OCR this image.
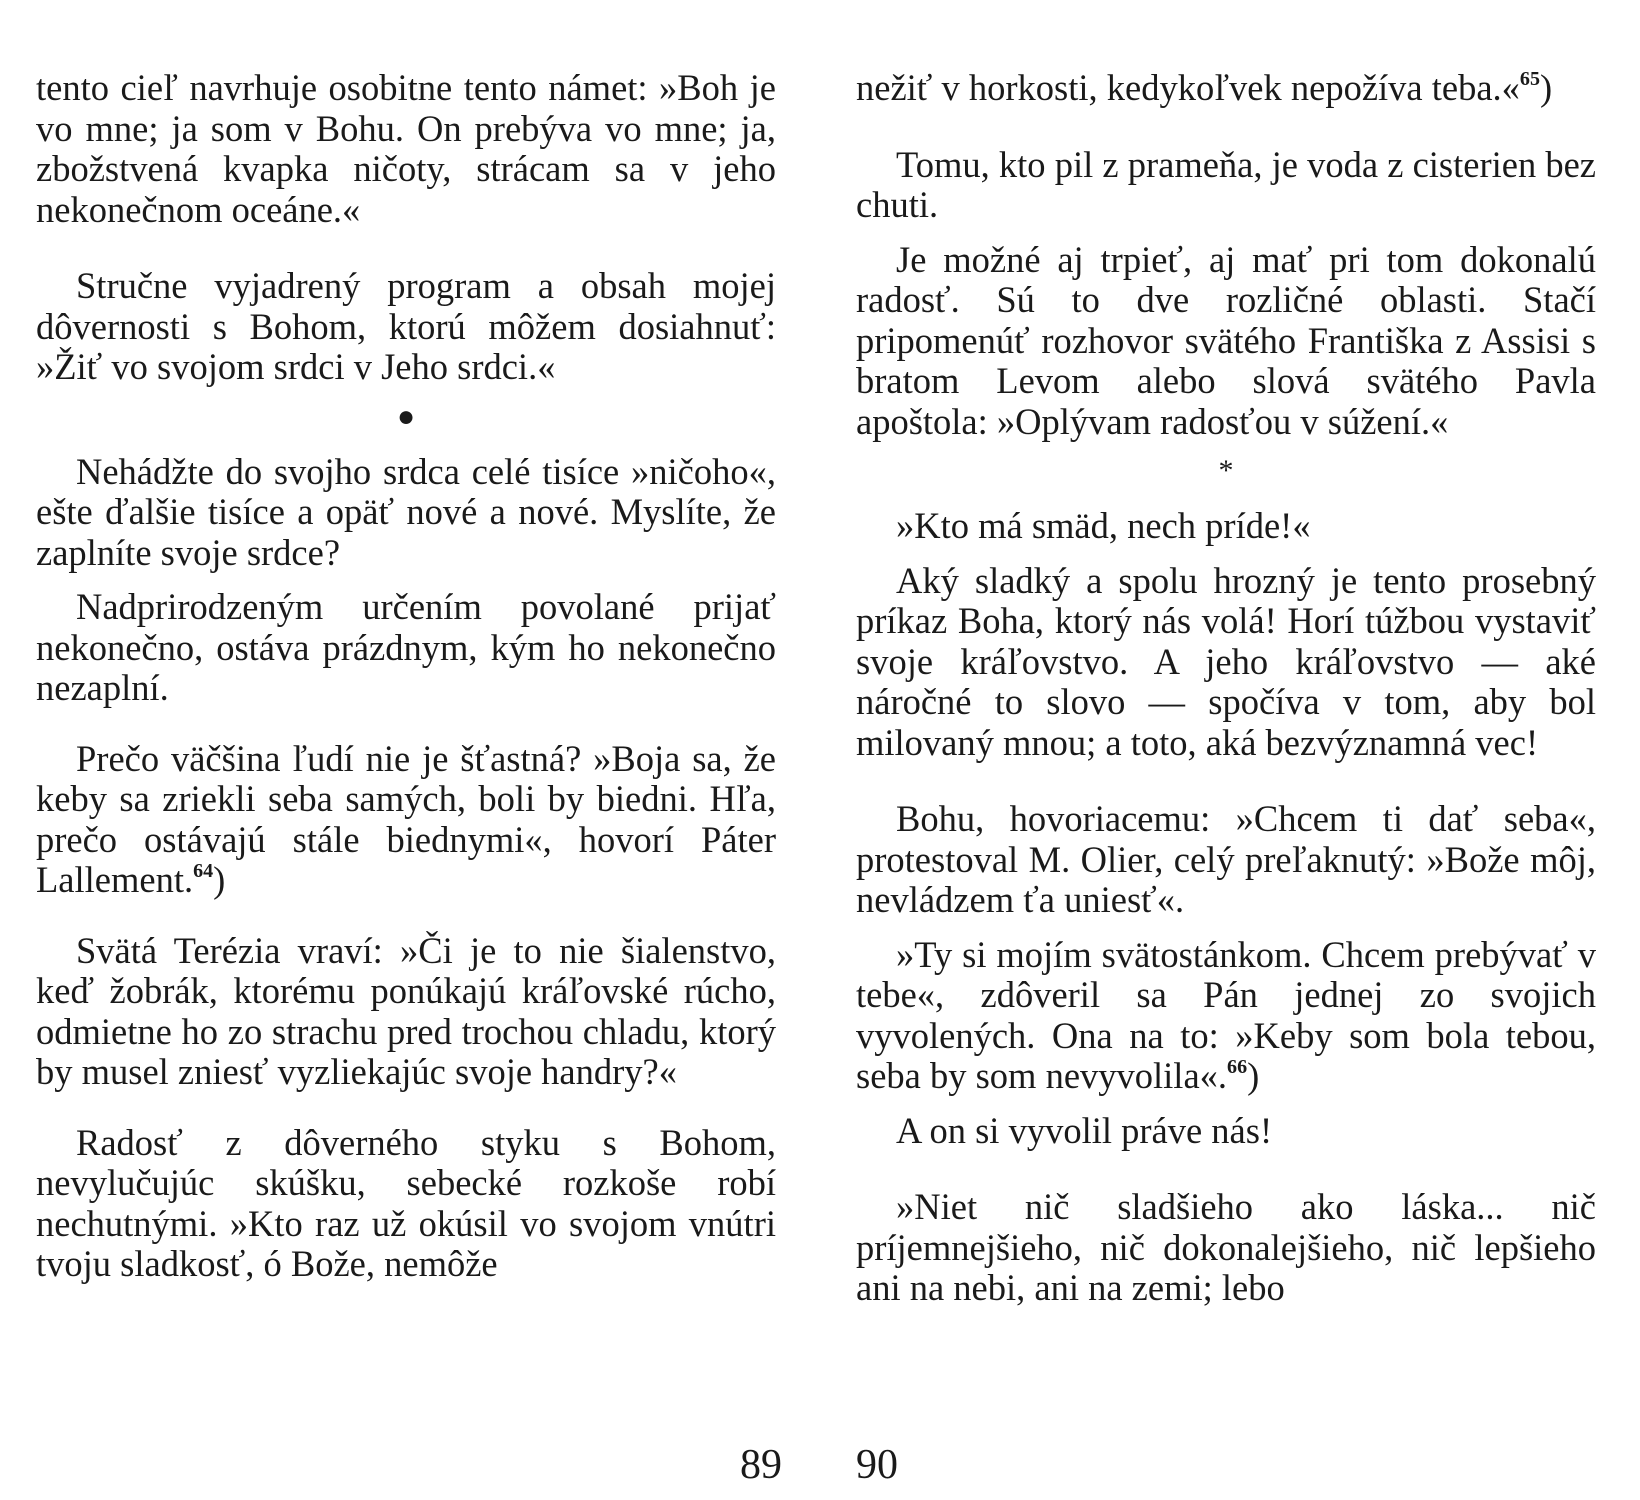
tento cieľ navrhuje osobitne tento námet: »Boh je vo mne; ja som v Bohu. On prebýva vo mne; ja, zbožstvená kvapka ničoty, strácam sa v jeho nekonečnom oceáne.«

Stručne vyjadrený program a obsah mojej dôvernosti s Bohom, ktorú môžem dosiahnuť: »Žiť vo svojom srdci v Jeho srdci.«

●

Nehádžte do svojho srdca celé tisíce »ničoho«, ešte ďalšie tisíce a opäť nové a nové. Myslíte, že zaplníte svoje srdce?

Nadprirodzeným určením povolané prijať nekonečno, ostáva prázdnym, kým ho nekonečno nezaplní.

Prečo väčšina ľudí nie je šťastná? »Boja sa, že keby sa zriekli seba samých, boli by biedni. Hľa, prečo ostávajú stále biednymi«, hovorí Páter Lallement.$^{64}$)

Svätá Terézia vraví: »Či je to nie šialenstvo, keď žobrák, ktorému ponúkajú kráľovské rúcho, odmietne ho zo strachu pred trochou chladu, ktorý by musel zniesť vyzliekajúc svoje handry?«

Radosť z dôverného styku s Bohom, nevylučujúc skúšku, sebecké rozkoše robí nechutnými. »Kto raz už okúsil vo svojom vnútri tvoju sladkosť, ó Bože, nemôže

89

nežiť v horkosti, kedykoľvek nepožíva teba.«$^{65}$)

Tomu, kto pil z prameňa, je voda z cisterien bez chuti.

Je možné aj trpieť, aj mať pri tom dokonalú radosť. Sú to dve rozličné oblasti. Stačí pripomenúť rozhovor svätého Františka z Assisi s bratom Levom alebo slová svätého Pavla apoštola: »Oplývam radosťou v súžení.«

*

»Kto má smäd, nech príde!«

Aký sladký a spolu hrozný je tento prosebný príkaz Boha, ktorý nás volá! Horí túžbou vystaviť svoje kráľovstvo. A jeho kráľovstvo — aké náročné to slovo — spočíva v tom, aby bol milovaný mnou; a toto, aká bezvýznamná vec!

Bohu, hovoriacemu: »Chcem ti dať seba«, protestoval M. Olier, celý preľaknutý: »Bože môj, nevládzem ťa uniesť«.

»Ty si mojím svätostánkom. Chcem prebývať v tebe«, zdôveril sa Pán jednej zo svojich vyvolených. Ona na to: »Keby som bola tebou, seba by som nevyvolila«.$^{66}$)

A on si vyvolil práve nás!

»Niet nič sladšieho ako láska... nič príjemnejšieho, nič dokonalejšieho, nič lepšieho ani na nebi, ani na zemi; lebo

90
